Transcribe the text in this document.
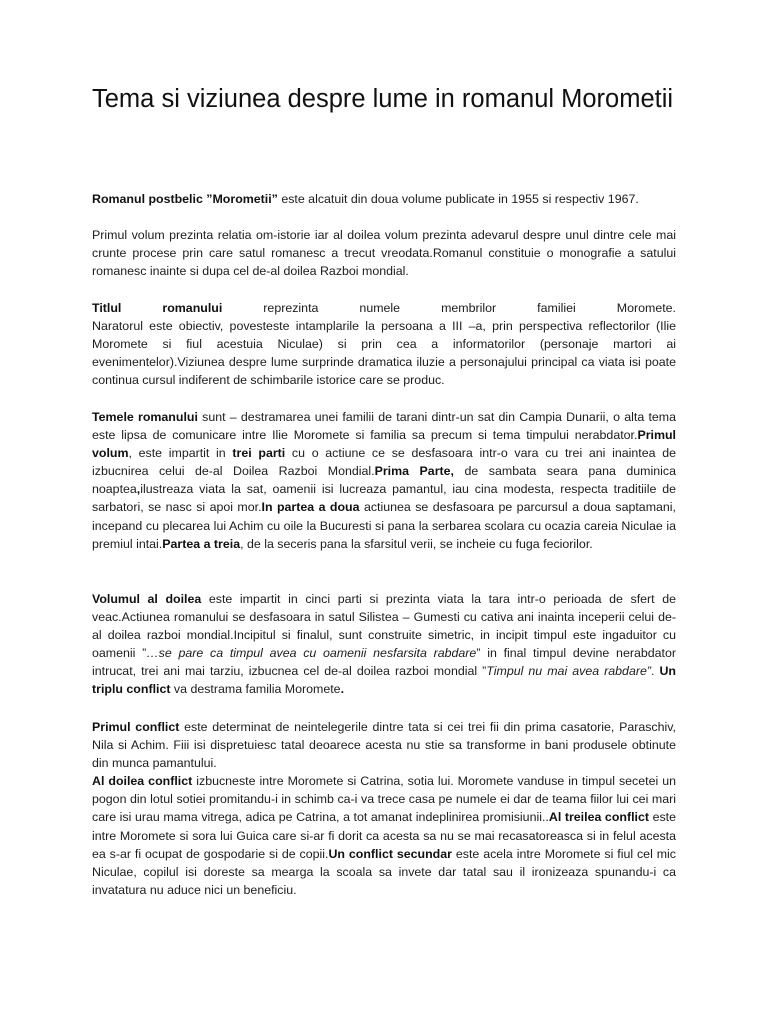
Tema si viziunea despre lume in romanul Morometii

Romanul postbelic ”Morometii” este alcatuit din doua volume publicate in 1955 si respectiv 1967.

Primul volum prezinta relatia om-istorie iar al doilea volum prezinta adevarul despre unul dintre cele mai crunte procese prin care satul romanesc a trecut vreodata.Romanul constituie o monografie a satului romanesc inainte si dupa cel de-al doilea Razboi mondial.

Titlul romanului reprezinta numele membrilor familiei Moromete.
Naratorul este obiectiv, povesteste intamplarile la persoana a III –a, prin perspectiva reflectorilor (Ilie Moromete si fiul acestuia Niculae) si prin cea a informatorilor (personaje martori ai evenimentelor).Viziunea despre lume surprinde dramatica iluzie a personajului principal ca viata isi poate continua cursul indiferent de schimbarile istorice care se produc.

Temele romanului sunt – destramarea unei familii de tarani dintr-un sat din Campia Dunarii, o alta tema este lipsa de comunicare intre Ilie Moromete si familia sa precum si tema timpului nerabdator.Primul volum, este impartit in trei parti cu o actiune ce se desfasoara intr-o vara cu trei ani inaintea de izbucnirea celui de-al Doilea Razboi Mondial.Prima Parte, de sambata seara pana duminica noaptea,ilustreaza viata la sat, oamenii isi lucreaza pamantul, iau cina modesta, respecta traditiile de sarbatori, se nasc si apoi mor.In partea a doua actiunea se desfasoara pe parcursul a doua saptamani, incepand cu plecarea lui Achim cu oile la Bucuresti si pana la serbarea scolara cu ocazia careia Niculae ia premiul intai.Partea a treia, de la seceris pana la sfarsitul verii, se incheie cu fuga feciorilor.

Volumul al doilea este impartit in cinci parti si prezinta viata la tara intr-o perioada de sfert de veac.Actiunea romanului se desfasoara in satul Silistea – Gumesti cu cativa ani inainta inceperii celui de-al doilea razboi mondial.Incipitul si finalul, sunt construite simetric, in incipit timpul este ingaduitor cu oamenii ”…se pare ca timpul avea cu oamenii nesfarsita rabdare” in final timpul devine nerabdator intrucat, trei ani mai tarziu, izbucnea cel de-al doilea razboi mondial ”Timpul nu mai avea rabdare”. Un triplu conflict va destrama familia Moromete.

Primul conflict este determinat de neintelegerile dintre tata si cei trei fii din prima casatorie, Paraschiv, Nila si Achim. Fiii isi dispretuiesc tatal deoarece acesta nu stie sa transforme in bani produsele obtinute din munca pamantului.
Al doilea conflict izbucneste intre Moromete si Catrina, sotia lui. Moromete vanduse in timpul secetei un pogon din lotul sotiei promitandu-i in schimb ca-i va trece casa pe numele ei dar de teama fiilor lui cei mari care isi urau mama vitrega, adica pe Catrina, a tot amanat indeplinirea promisiunii..Al treilea conflict este intre Moromete si sora lui Guica care si-ar fi dorit ca acesta sa nu se mai recasatoreasca si in felul acesta ea s-ar fi ocupat de gospodarie si de copii.Un conflict secundar este acela intre Moromete si fiul cel mic Niculae, copilul isi doreste sa mearga la scoala sa invete dar tatal sau il ironizeaza spunandu-i ca invatatura nu aduce nici un beneficiu.
